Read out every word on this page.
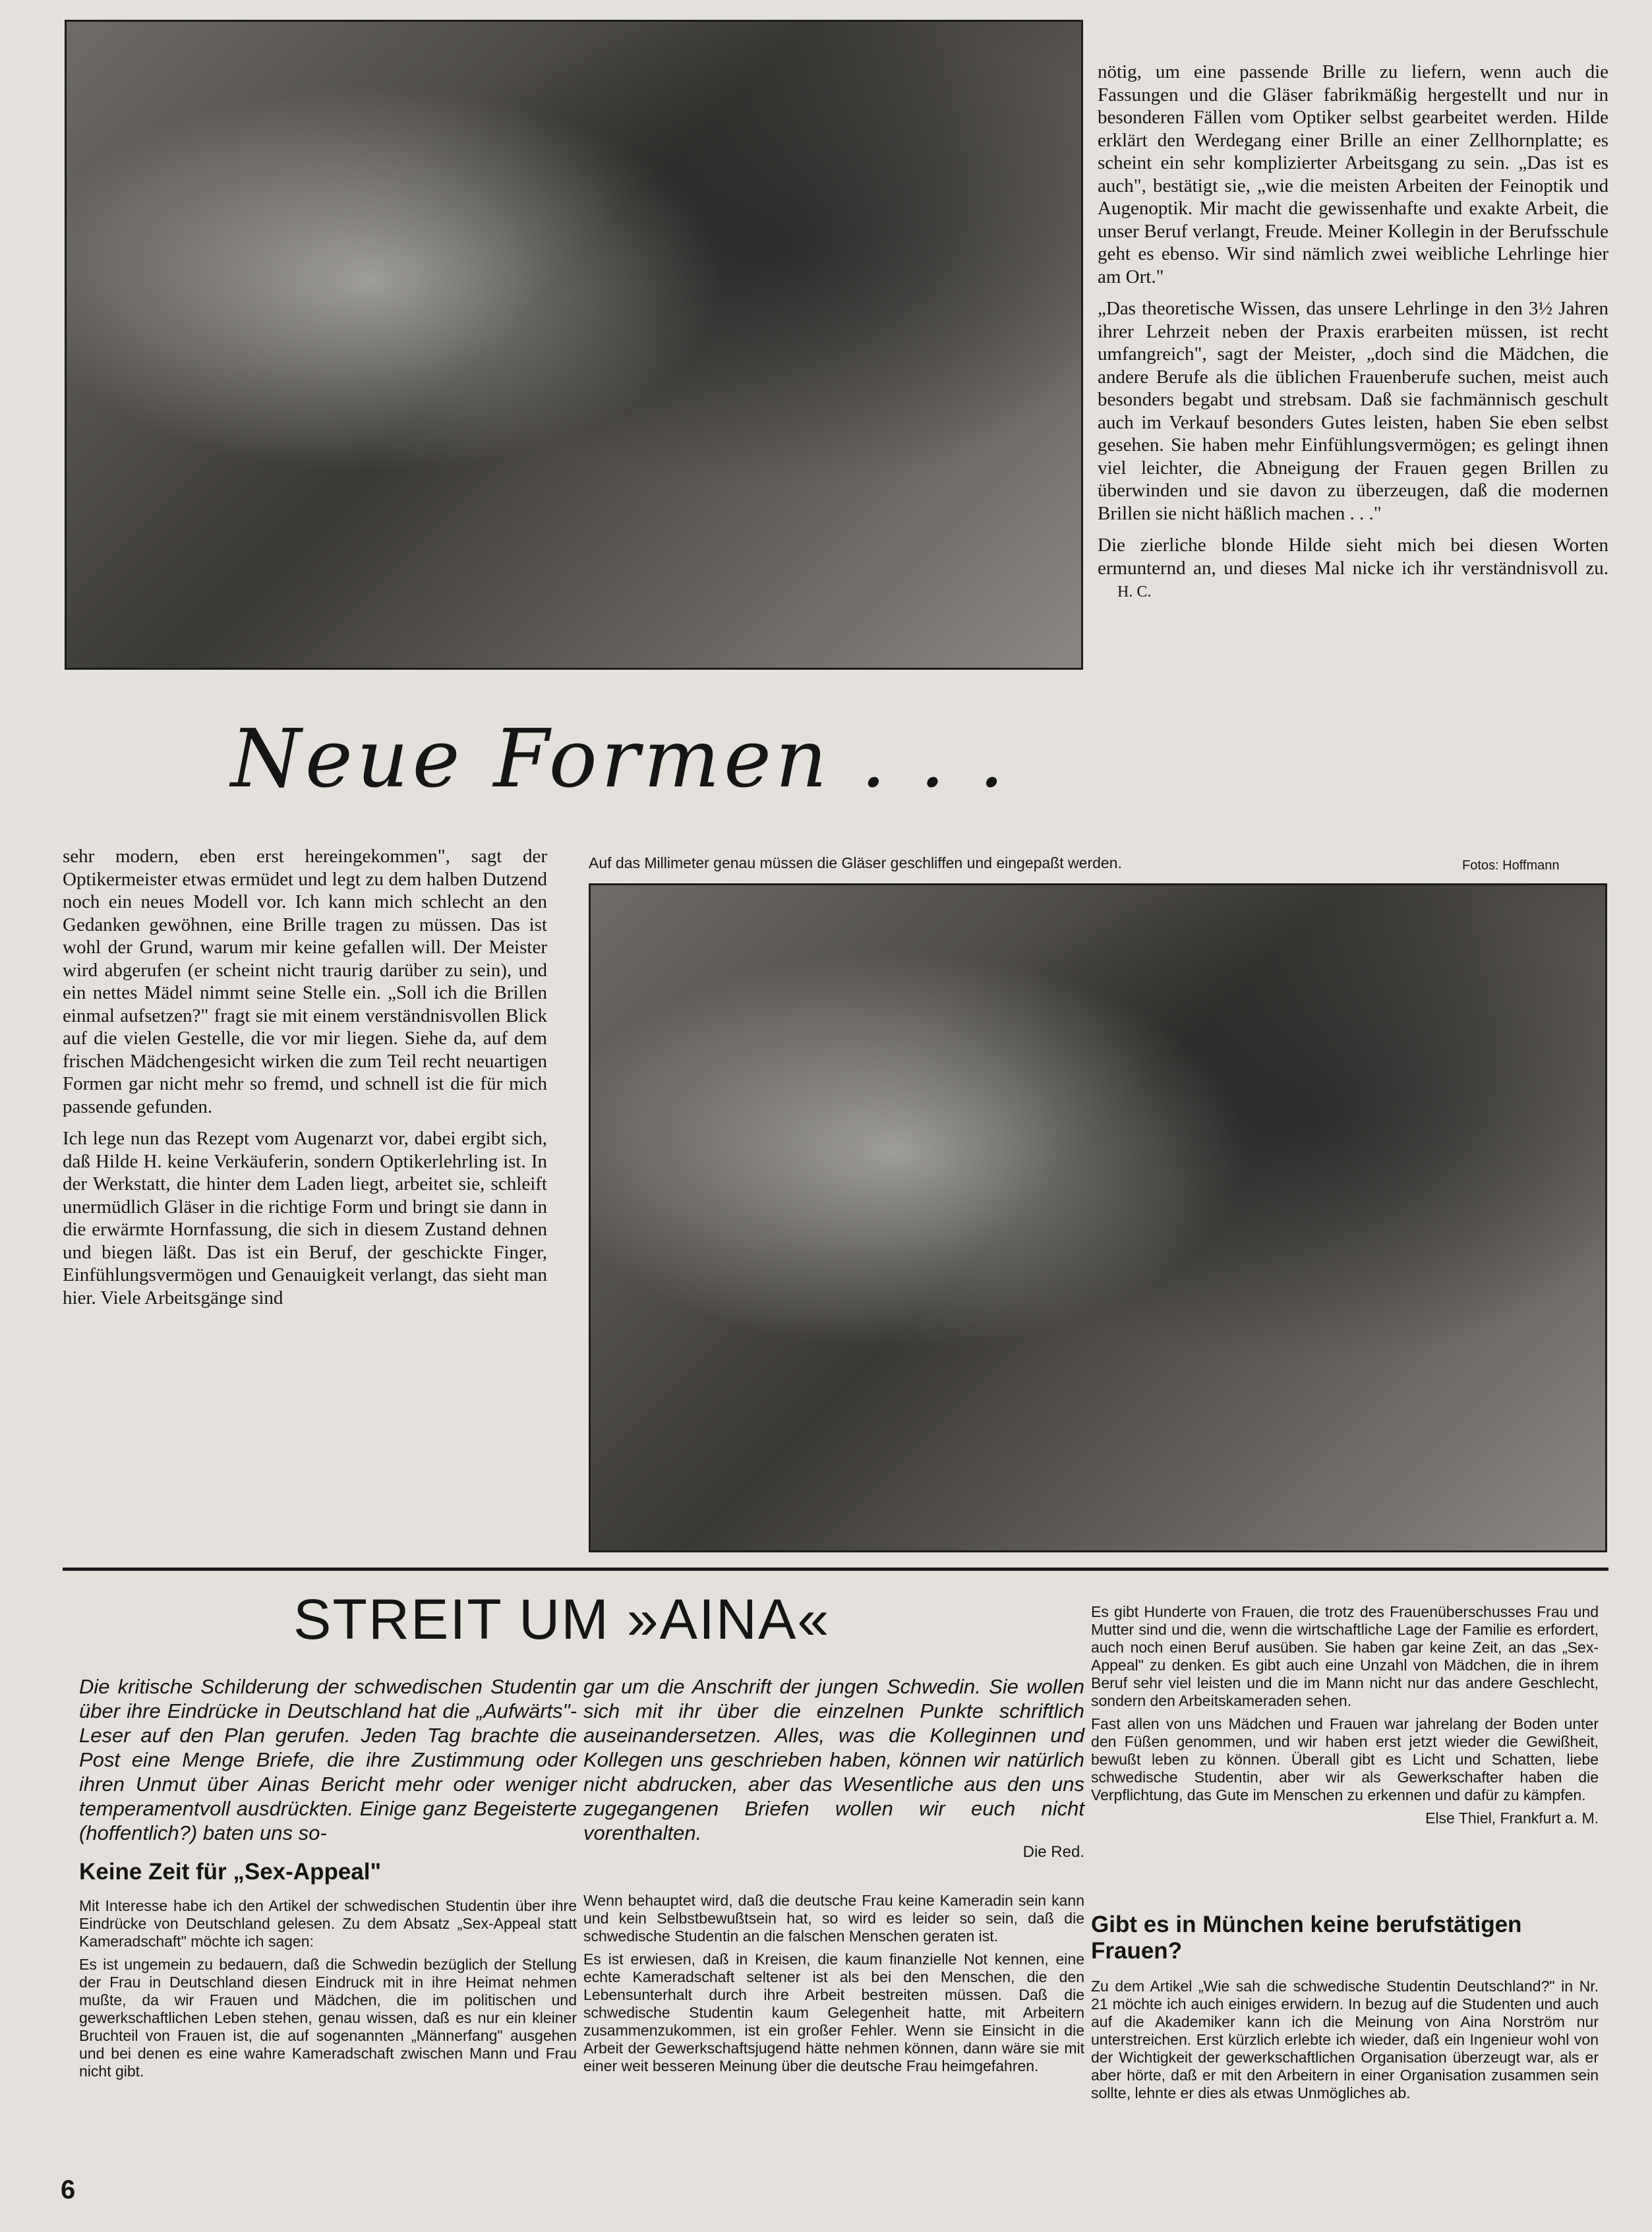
nötig, um eine passende Brille zu liefern, wenn auch die Fassungen und die Gläser fabrikmäßig hergestellt und nur in besonderen Fällen vom Optiker selbst gearbeitet werden. Hilde erklärt den Werdegang einer Brille an einer Zellhornplatte; es scheint ein sehr komplizierter Arbeitsgang zu sein. „Das ist es auch", bestätigt sie, „wie die meisten Arbeiten der Feinoptik und Augenoptik. Mir macht die gewissenhafte und exakte Arbeit, die unser Beruf verlangt, Freude. Meiner Kollegin in der Berufsschule geht es ebenso. Wir sind nämlich zwei weibliche Lehrlinge hier am Ort."

„Das theoretische Wissen, das unsere Lehrlinge in den 3½ Jahren ihrer Lehrzeit neben der Praxis erarbeiten müssen, ist recht umfangreich", sagt der Meister, „doch sind die Mädchen, die andere Berufe als die üblichen Frauenberufe suchen, meist auch besonders begabt und strebsam. Daß sie fachmännisch geschult auch im Verkauf besonders Gutes leisten, haben Sie eben selbst gesehen. Sie haben mehr Einfühlungsvermögen; es gelingt ihnen viel leichter, die Abneigung der Frauen gegen Brillen zu überwinden und sie davon zu überzeugen, daß die modernen Brillen sie nicht häßlich machen . . ."

Die zierliche blonde Hilde sieht mich bei diesen Worten ermunternd an, und dieses Mal nicke ich ihr verständnisvoll zu. H. C.

Neue Formen . . .

sehr modern, eben erst hereingekommen", sagt der Optikermeister etwas ermüdet und legt zu dem halben Dutzend noch ein neues Modell vor. Ich kann mich schlecht an den Gedanken gewöhnen, eine Brille tragen zu müssen. Das ist wohl der Grund, warum mir keine gefallen will. Der Meister wird abgerufen (er scheint nicht traurig darüber zu sein), und ein nettes Mädel nimmt seine Stelle ein. „Soll ich die Brillen einmal aufsetzen?" fragt sie mit einem verständnisvollen Blick auf die vielen Gestelle, die vor mir liegen. Siehe da, auf dem frischen Mädchengesicht wirken die zum Teil recht neuartigen Formen gar nicht mehr so fremd, und schnell ist die für mich passende gefunden.

Ich lege nun das Rezept vom Augenarzt vor, dabei ergibt sich, daß Hilde H. keine Verkäuferin, sondern Optikerlehrling ist. In der Werkstatt, die hinter dem Laden liegt, arbeitet sie, schleift unermüdlich Gläser in die richtige Form und bringt sie dann in die erwärmte Hornfassung, die sich in diesem Zustand dehnen und biegen läßt. Das ist ein Beruf, der geschickte Finger, Einfühlungsvermögen und Genauigkeit verlangt, das sieht man hier. Viele Arbeitsgänge sind

Auf das Millimeter genau müssen die Gläser geschliffen und eingepaßt werden.	Fotos: Hoffmann
STREIT UM »AINA«
Die kritische Schilderung der schwedischen Studentin über ihre Eindrücke in Deutschland hat die „Aufwärts"-Leser auf den Plan gerufen. Jeden Tag brachte die Post eine Menge Briefe, die ihre Zustimmung oder ihren Unmut über Ainas Bericht mehr oder weniger temperamentvoll ausdrückten. Einige ganz Begeisterte (hoffentlich?) baten uns so-
gar um die Anschrift der jungen Schwedin. Sie wollen sich mit ihr über die einzelnen Punkte schriftlich auseinandersetzen. Alles, was die Kolleginnen und Kollegen uns geschrieben haben, können wir natürlich nicht abdrucken, aber das Wesentliche aus den uns zugegangenen Briefen wollen wir euch nicht vorenthalten.
Die Red.
Keine Zeit für „Sex-Appeal"

Mit Interesse habe ich den Artikel der schwedischen Studentin über ihre Eindrücke von Deutschland gelesen. Zu dem Absatz „Sex-Appeal statt Kameradschaft" möchte ich sagen:

Es ist ungemein zu bedauern, daß die Schwedin bezüglich der Stellung der Frau in Deutschland diesen Eindruck mit in ihre Heimat nehmen mußte, da wir Frauen und Mädchen, die im politischen und gewerkschaftlichen Leben stehen, genau wissen, daß es nur ein kleiner Bruchteil von Frauen ist, die auf sogenannten „Männerfang" ausgehen und bei denen es eine wahre Kameradschaft zwischen Mann und Frau nicht gibt.

Wenn behauptet wird, daß die deutsche Frau keine Kameradin sein kann und kein Selbstbewußtsein hat, so wird es leider so sein, daß die schwedische Studentin an die falschen Menschen geraten ist.

Es ist erwiesen, daß in Kreisen, die kaum finanzielle Not kennen, eine echte Kameradschaft seltener ist als bei den Menschen, die den Lebensunterhalt durch ihre Arbeit bestreiten müssen. Daß die schwedische Studentin kaum Gelegenheit hatte, mit Arbeitern zusammenzukommen, ist ein großer Fehler. Wenn sie Einsicht in die Arbeit der Gewerkschaftsjugend hätte nehmen können, dann wäre sie mit einer weit besseren Meinung über die deutsche Frau heimgefahren.

Es gibt Hunderte von Frauen, die trotz des Frauenüberschusses Frau und Mutter sind und die, wenn die wirtschaftliche Lage der Familie es erfordert, auch noch einen Beruf ausüben. Sie haben gar keine Zeit, an das „Sex-Appeal" zu denken. Es gibt auch eine Unzahl von Mädchen, die in ihrem Beruf sehr viel leisten und die im Mann nicht nur das andere Geschlecht, sondern den Arbeitskameraden sehen.

Fast allen von uns Mädchen und Frauen war jahrelang der Boden unter den Füßen genommen, und wir haben erst jetzt wieder die Gewißheit, bewußt leben zu können. Überall gibt es Licht und Schatten, liebe schwedische Studentin, aber wir als Gewerkschafter haben die Verpflichtung, das Gute im Menschen zu erkennen und dafür zu kämpfen.

Else Thiel, Frankfurt a. M.
Gibt es in München keine berufstätigen Frauen?

Zu dem Artikel „Wie sah die schwedische Studentin Deutschland?" in Nr. 21 möchte ich auch einiges erwidern. In bezug auf die Studenten und auch auf die Akademiker kann ich die Meinung von Aina Norström nur unterstreichen. Erst kürzlich erlebte ich wieder, daß ein Ingenieur wohl von der Wichtigkeit der gewerkschaftlichen Organisation überzeugt war, als er aber hörte, daß er mit den Arbeitern in einer Organisation zusammen sein sollte, lehnte er dies als etwas Unmögliches ab.

6
